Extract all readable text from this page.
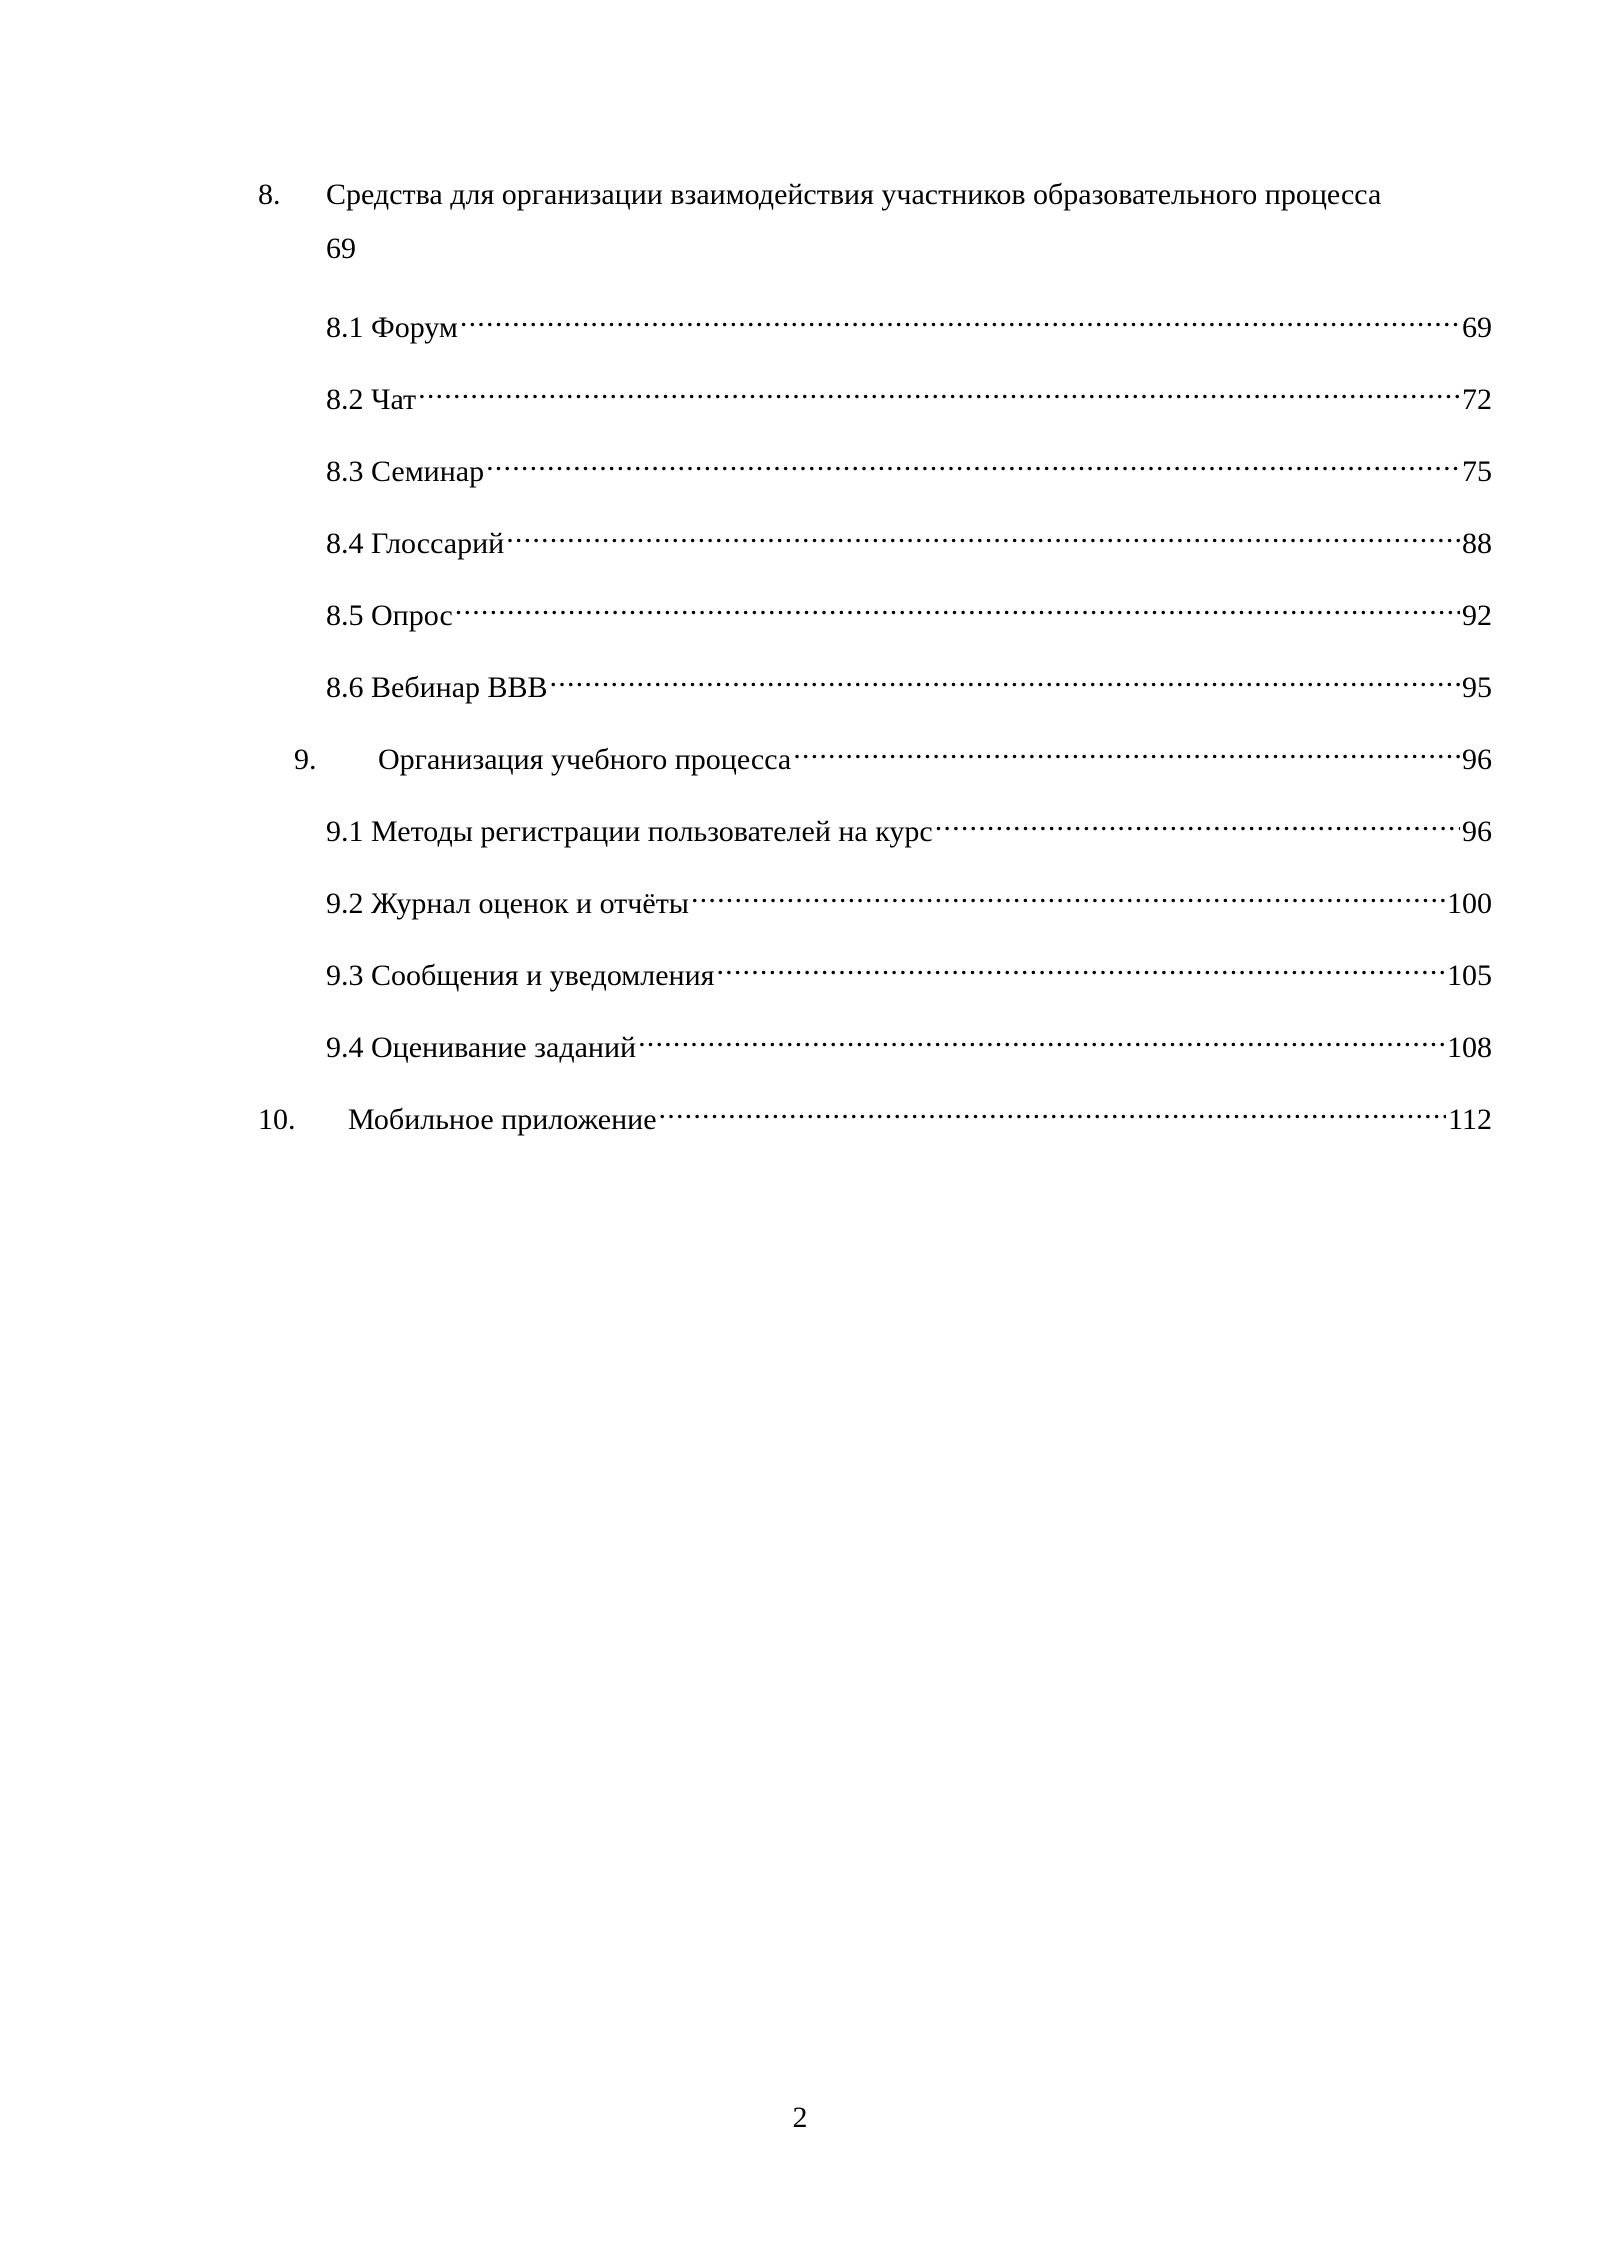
8. Средства для организации взаимодействия участников образовательного процесса
69
8.1 Форум .....	69
8.2 Чат .....	72
8.3 Семинар .....	75
8.4 Глоссарий .....	88
8.5 Опрос .....	92
8.6 Вебинар BBB .....	95
9.	Организация учебного процесса .....	96
9.1 Методы регистрации пользователей на курс .....	96
9.2 Журнал оценок и отчёты .....	100
9.3 Сообщения и уведомления .....	105
9.4 Оценивание заданий .....	108
10.	Мобильное приложение .....	112
2
